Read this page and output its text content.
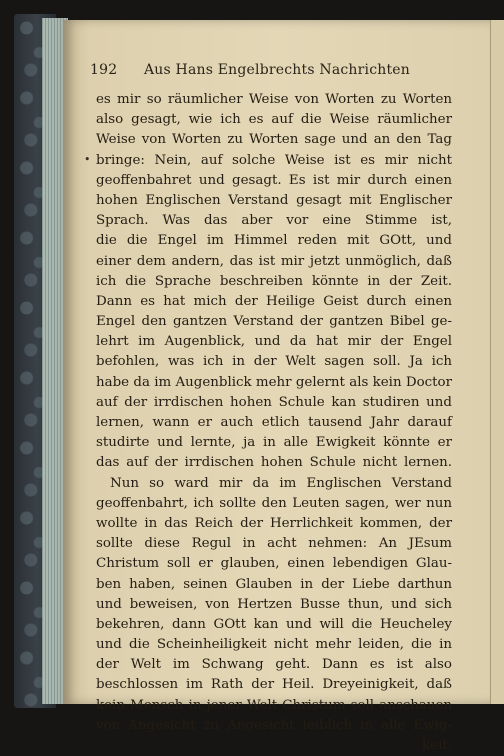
192 Aus Hans Engelbrechts Nachrichten
•
es mir so räumlicher Weise von Worten zu Worten
also gesagt, wie ich es auf die Weise räumlicher
Weise von Worten zu Worten sage und an den Tag
bringe: Nein, auf solche Weise ist es mir nicht
geoffenbahret und gesagt. Es ist mir durch einen
hohen Englischen Verstand gesagt mit Englischer
Sprach. Was das aber vor eine Stimme ist,
die die Engel im Himmel reden mit GOtt, und
einer dem andern, das ist mir jetzt unmöglich, daß
ich die Sprache beschreiben könnte in der Zeit.
Dann es hat mich der Heilige Geist durch einen
Engel den gantzen Verstand der gantzen Bibel ge-
lehrt im Augenblick, und da hat mir der Engel
befohlen, was ich in der Welt sagen soll. Ja ich
habe da im Augenblick mehr gelernt als kein Doctor
auf der irrdischen hohen Schule kan studiren und
lernen, wann er auch etlich tausend Jahr darauf
studirte und lernte, ja in alle Ewigkeit könnte er
das auf der irrdischen hohen Schule nicht lernen.
Nun so ward mir da im Englischen Verstand
geoffenbahrt, ich sollte den Leuten sagen, wer nun
wollte in das Reich der Herrlichkeit kommen, der
sollte diese Regul in acht nehmen: An JEsum
Christum soll er glauben, einen lebendigen Glau-
ben haben, seinen Glauben in der Liebe darthun
und beweisen, von Hertzen Busse thun, und sich
bekehren, dann GOtt kan und will die Heucheley
und die Scheinheiligkeit nicht mehr leiden, die in
der Welt im Schwang geht. Dann es ist also
beschlossen im Rath der Heil. Dreyeinigkeit, daß
kein Mensch in jener Welt Christum soll anschauen
von Angesicht zu Angesicht leiblich in alle Ewig-
keit,
